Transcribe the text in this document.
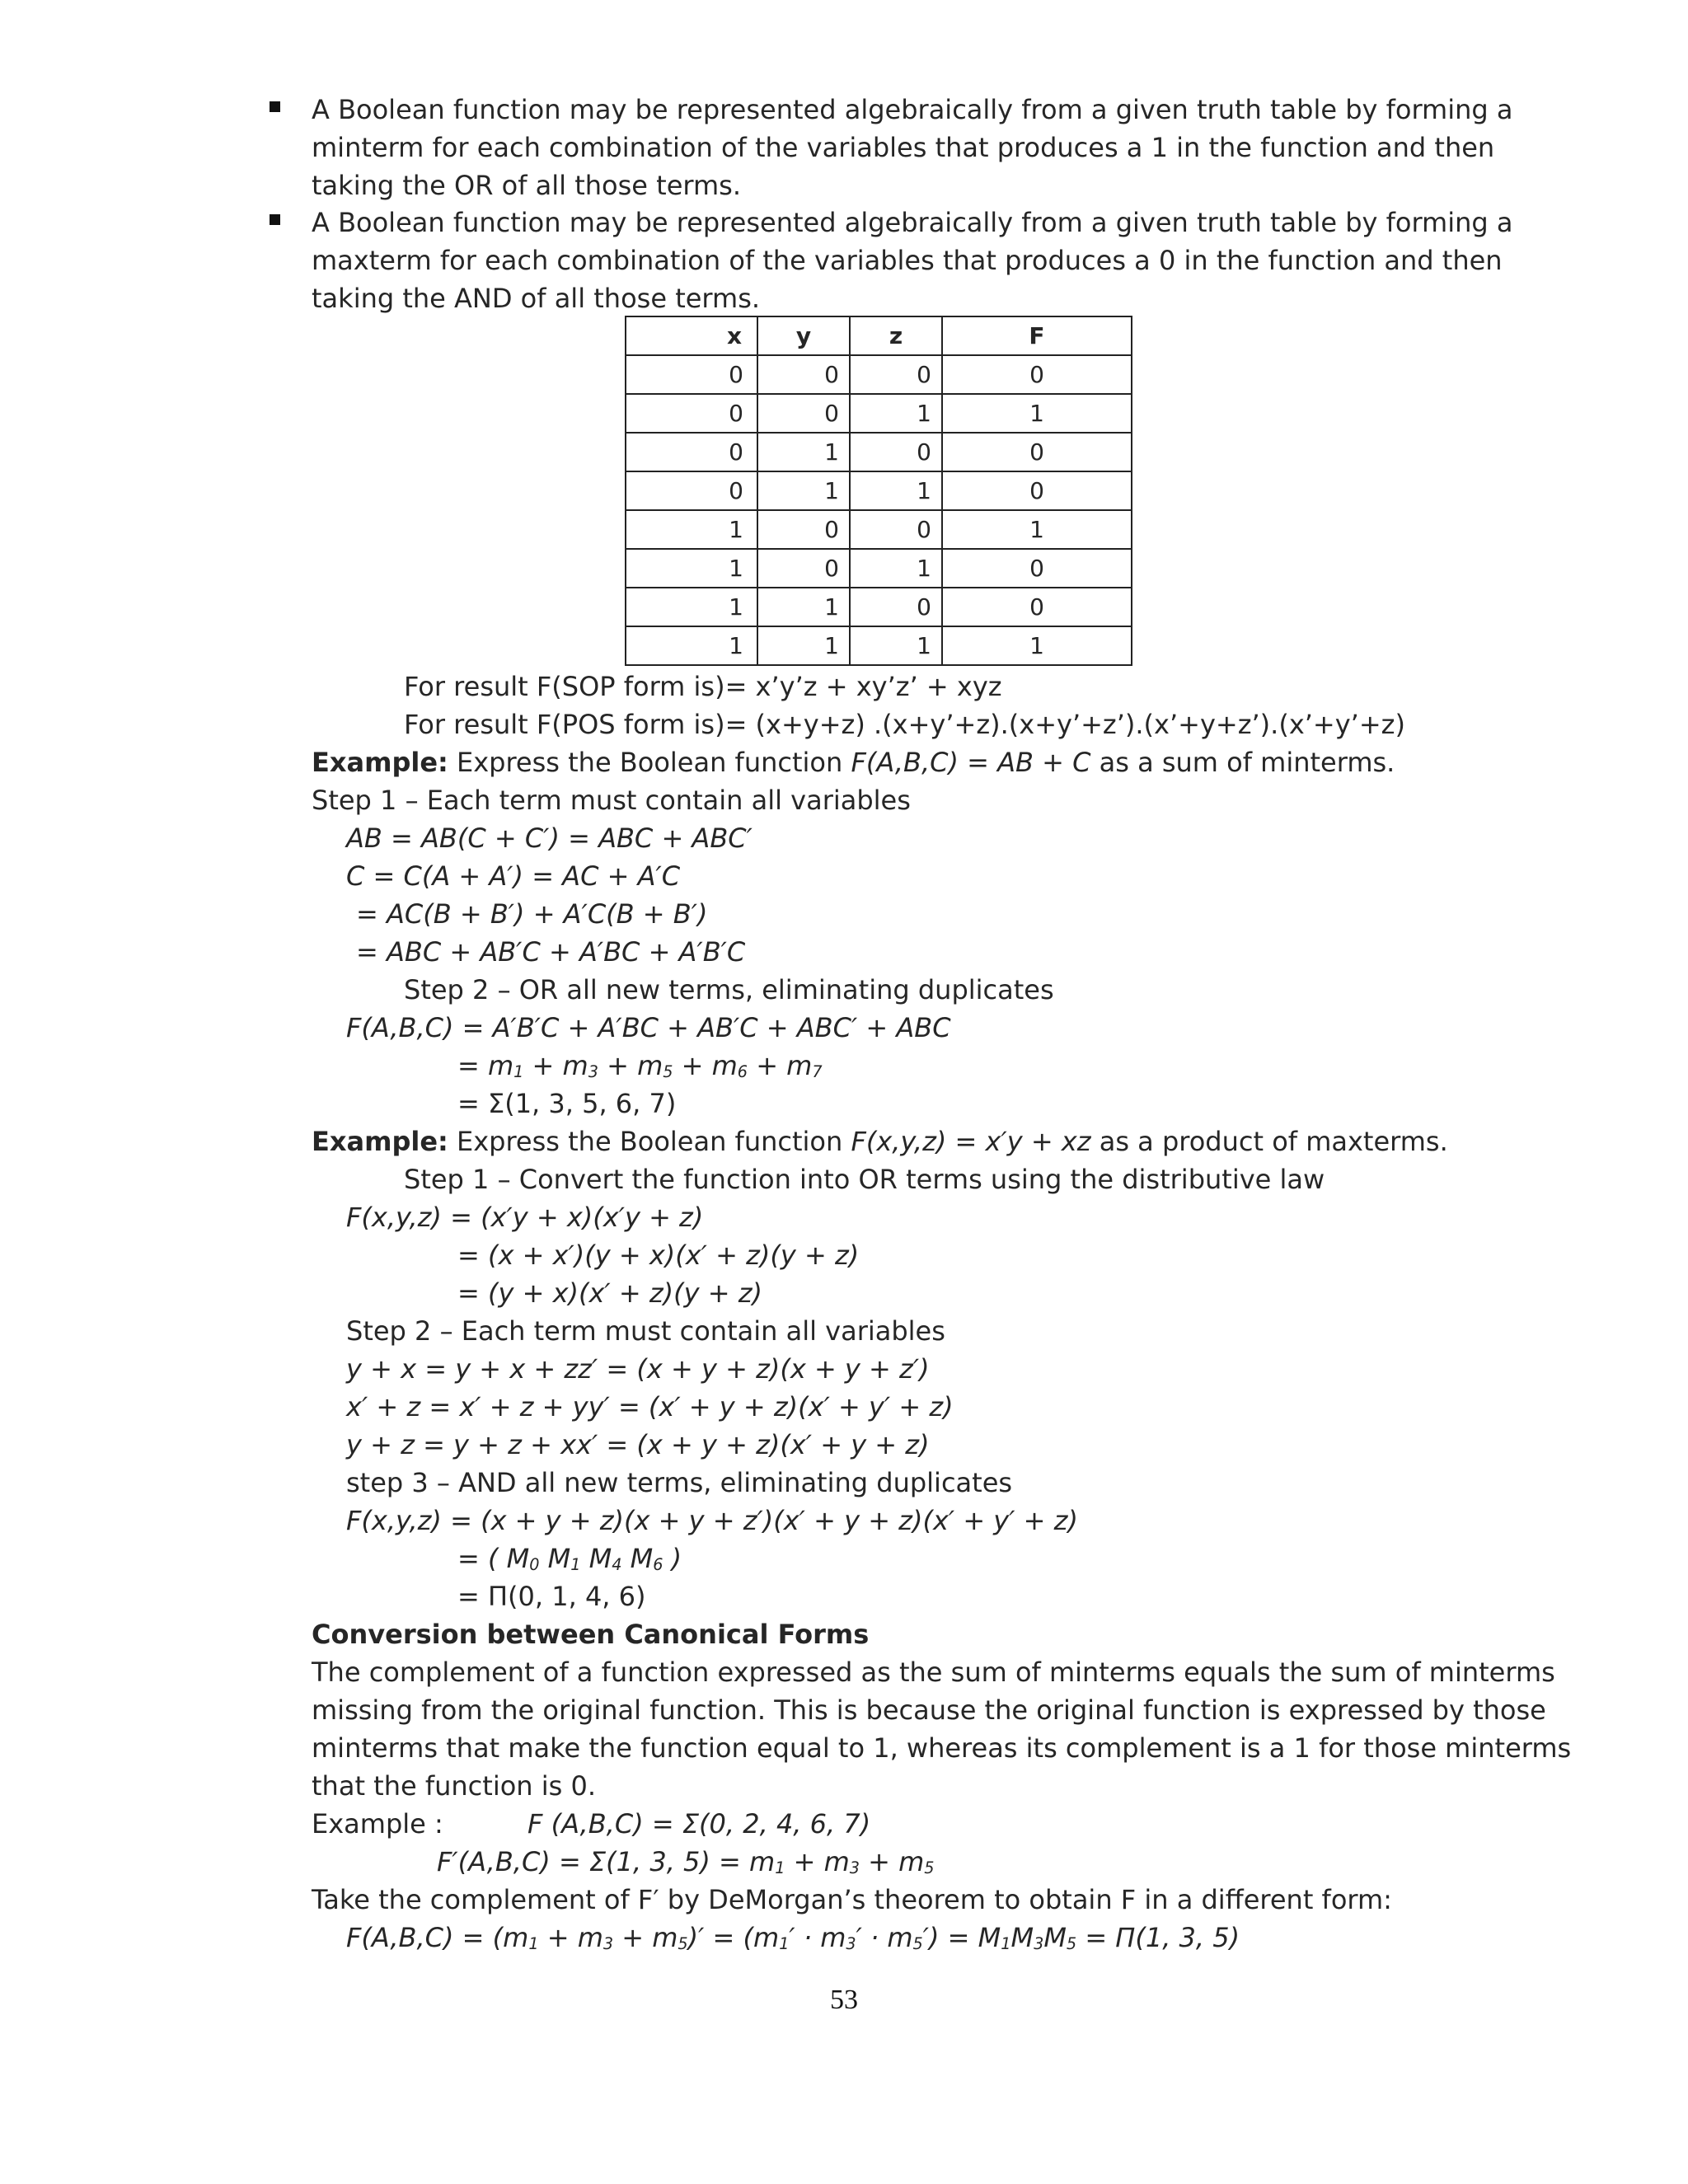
A Boolean function may be represented algebraically from a given truth table by forming a

minterm for each combination of the variables that produces a 1 in the function and then

taking the OR of all those terms.

A Boolean function may be represented algebraically from a given truth table by forming a

maxterm for each combination of the variables that produces a 0 in the function and then

taking the AND of all those terms.

x	y	z	F
0	0	0	0
0	0	1	1
0	1	0	0
0	1	1	0
1	0	0	1
1	0	1	0
1	1	0	0
1	1	1	1

For result F(SOP form is)= x’y’z + xy’z’ + xyz

For result F(POS form is)= (x+y+z) .(x+y’+z).(x+y’+z’).(x’+y+z’).(x’+y’+z)

Example: Express the Boolean function F(A,B,C) = AB + C as a sum of minterms.

Step 1 – Each term must contain all variables

AB = AB(C + C′) = ABC + ABC′

C = C(A + A′) = AC + A′C

= AC(B + B′) + A′C(B + B′)

= ABC + AB′C + A′BC + A′B′C

Step 2 – OR all new terms, eliminating duplicates

F(A,B,C) = A′B′C + A′BC + AB′C + ABC′ + ABC

= $m_1 + m_3 + m_5 + m_6 + m_7$

= Σ(1, 3, 5, 6, 7)

Example: Express the Boolean function F(x,y,z) = x′y + xz as a product of maxterms.

Step 1 – Convert the function into OR terms using the distributive law

F(x,y,z) = (x′y + x)(x′y + z)

= (x + x′)(y + x)(x′ + z)(y + z)

= (y + x)(x′ + z)(y + z)

Step 2 – Each term must contain all variables

y + x = y + x + zz′ = (x + y + z)(x + y + z′)

x′ + z = x′ + z + yy′ = (x′ + y + z)(x′ + y′ + z)

y + z = y + z + xx′ = (x + y + z)(x′ + y + z)

step 3 – AND all new terms, eliminating duplicates

F(x,y,z) = (x + y + z)(x + y + z′)(x′ + y + z)(x′ + y′ + z)

= ( $M_0$ $M_1$ $M_4$ $M_6$ )

= Π(0, 1, 4, 6)

Conversion between Canonical Forms

The complement of a function expressed as the sum of minterms equals the sum of minterms

missing from the original function. This is because the original function is expressed by those

minterms that make the function equal to 1, whereas its complement is a 1 for those minterms

that the function is 0.

Example :	F (A,B,C) = Σ(0, 2, 4, 6, 7)

F′(A,B,C) = Σ(1, 3, $5) = m_1 + m_3 + m_5$

Take the complement of F′ by DeMorgan’s theorem to obtain F in a different form:

$F(A,B,C) = (m_1 + m_3 + m_5)' = (m_1' \cdot m_3' \cdot m_5') = M_1M_3M_5 = \Pi(1$, 3, 5)

53
